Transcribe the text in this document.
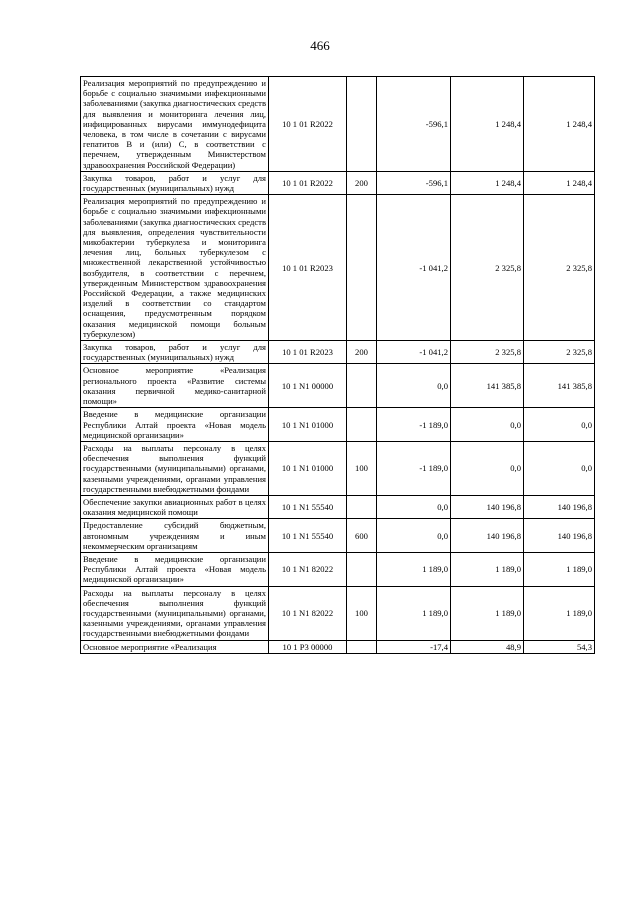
466
Реализация мероприятий по предупреждению и борьбе с социально значимыми инфекционными заболеваниями (закупка диагностических средств для выявления и мониторинга лечения лиц, инфицированных вирусами иммунодефицита человека, в том числе в сочетании с вирусами гепатитов В и (или) С, в соответствии с перечнем, утвержденным Министерством здравоохранения Российской Федерации)	10 1 01 R2022		-596,1	1 248,4	1 248,4
Закупка товаров, работ и услуг для государственных (муниципальных) нужд	10 1 01 R2022	200	-596,1	1 248,4	1 248,4
Реализация мероприятий по предупреждению и борьбе с социально значимыми инфекционными заболеваниями (закупка диагностических средств для выявления, определения чувствительности микобактерии туберкулеза и мониторинга лечения лиц, больных туберкулезом с множественной лекарственной устойчивостью возбудителя, в соответствии с перечнем, утвержденным Министерством здравоохранения Российской Федерации, а также медицинских изделий в соответствии со стандартом оснащения, предусмотренным порядком оказания медицинской помощи больным туберкулезом)	10 1 01 R2023		-1 041,2	2 325,8	2 325,8
Закупка товаров, работ и услуг для государственных (муниципальных) нужд	10 1 01 R2023	200	-1 041,2	2 325,8	2 325,8
Основное мероприятие «Реализация регионального проекта «Развитие системы оказания первичной медико-санитарной помощи»	10 1 N1 00000		0,0	141 385,8	141 385,8
Введение в медицинские организации Республики Алтай проекта «Новая модель медицинской организации»	10 1 N1 01000		-1 189,0	0,0	0,0
Расходы на выплаты персоналу в целях обеспечения выполнения функций государственными (муниципальными) органами, казенными учреждениями, органами управления государственными внебюджетными фондами	10 1 N1 01000	100	-1 189,0	0,0	0,0
Обеспечение закупки авиационных работ в целях оказания медицинской помощи	10 1 N1 55540		0,0	140 196,8	140 196,8
Предоставление субсидий бюджетным, автономным учреждениям и иным некоммерческим организациям	10 1 N1 55540	600	0,0	140 196,8	140 196,8
Введение в медицинские организации Республики Алтай проекта «Новая модель медицинской организации»	10 1 N1 82022		1 189,0	1 189,0	1 189,0
Расходы на выплаты персоналу в целях обеспечения выполнения функций государственными (муниципальными) органами, казенными учреждениями, органами управления государственными внебюджетными фондами	10 1 N1 82022	100	1 189,0	1 189,0	1 189,0
Основное мероприятие «Реализация	10 1 P3 00000		-17,4	48,9	54,3
